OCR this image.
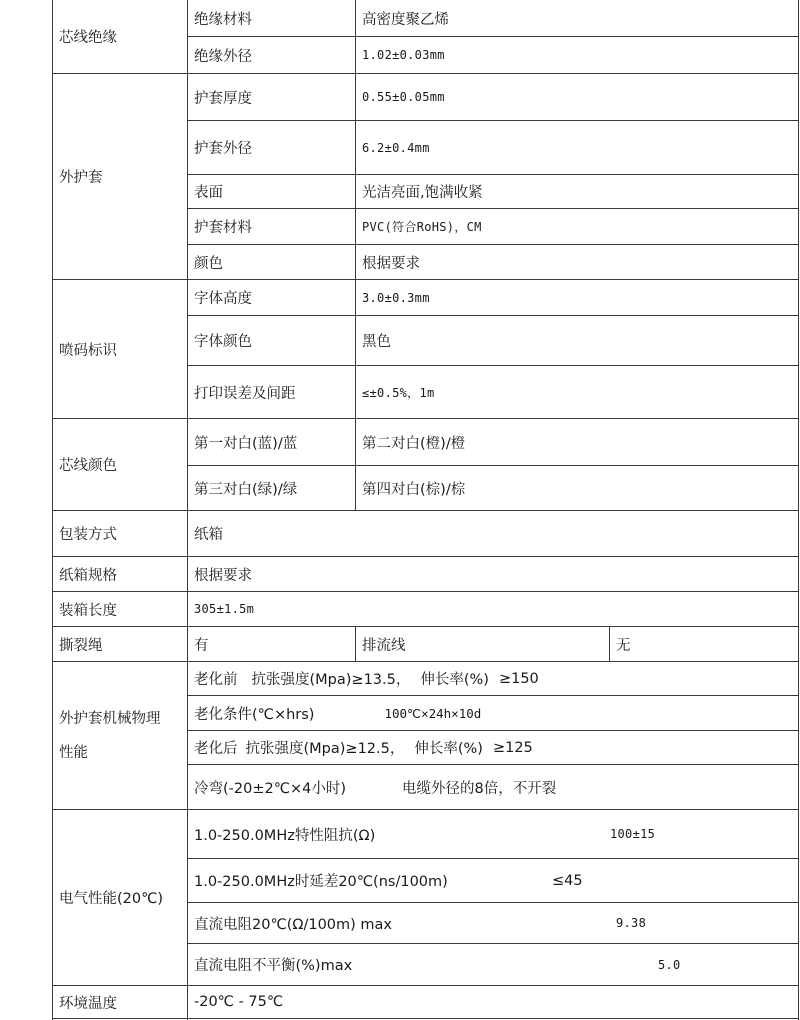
芯线绝缘
绝缘材料	高密度聚乙烯
绝缘外径	1.02±0.03mm
外护套
护套厚度	0.55±0.05mm
护套外径	6.2±0.4mm
表面	光洁亮面,饱满收紧
护套材料	PVC(符合RoHS)，CM
颜色	根据要求
喷码标识
字体高度	3.0±0.3mm
字体颜色	黑色
打印误差及间距	≤±0.5%，1m
芯线颜色
第一对白(蓝)/蓝	第二对白(橙)/橙
第三对白(绿)/绿	第四对白(棕)/棕
包装方式	纸箱
纸箱规格	根据要求
装箱长度	305±1.5m
撕裂绳	有	排流线	无
外护套机械物理
性能
老化前 抗张强度(Mpa)≥13.5， 伸长率(%) ≥150
老化条件(℃×hrs)	100℃×24h×10d
老化后 抗张强度(Mpa)≥12.5， 伸长率(%) ≥125
冷弯(-20±2℃×4小时)	电缆外径的8倍，不开裂
电气性能(20℃)
1.0-250.0MHz特性阻抗(Ω)	100±15
1.0-250.0MHz时延差20℃(ns/100m)	≤45
直流电阻20℃(Ω/100m) max	9.38
直流电阻不平衡(%)max	5.0
环境温度	-20℃ - 75℃
